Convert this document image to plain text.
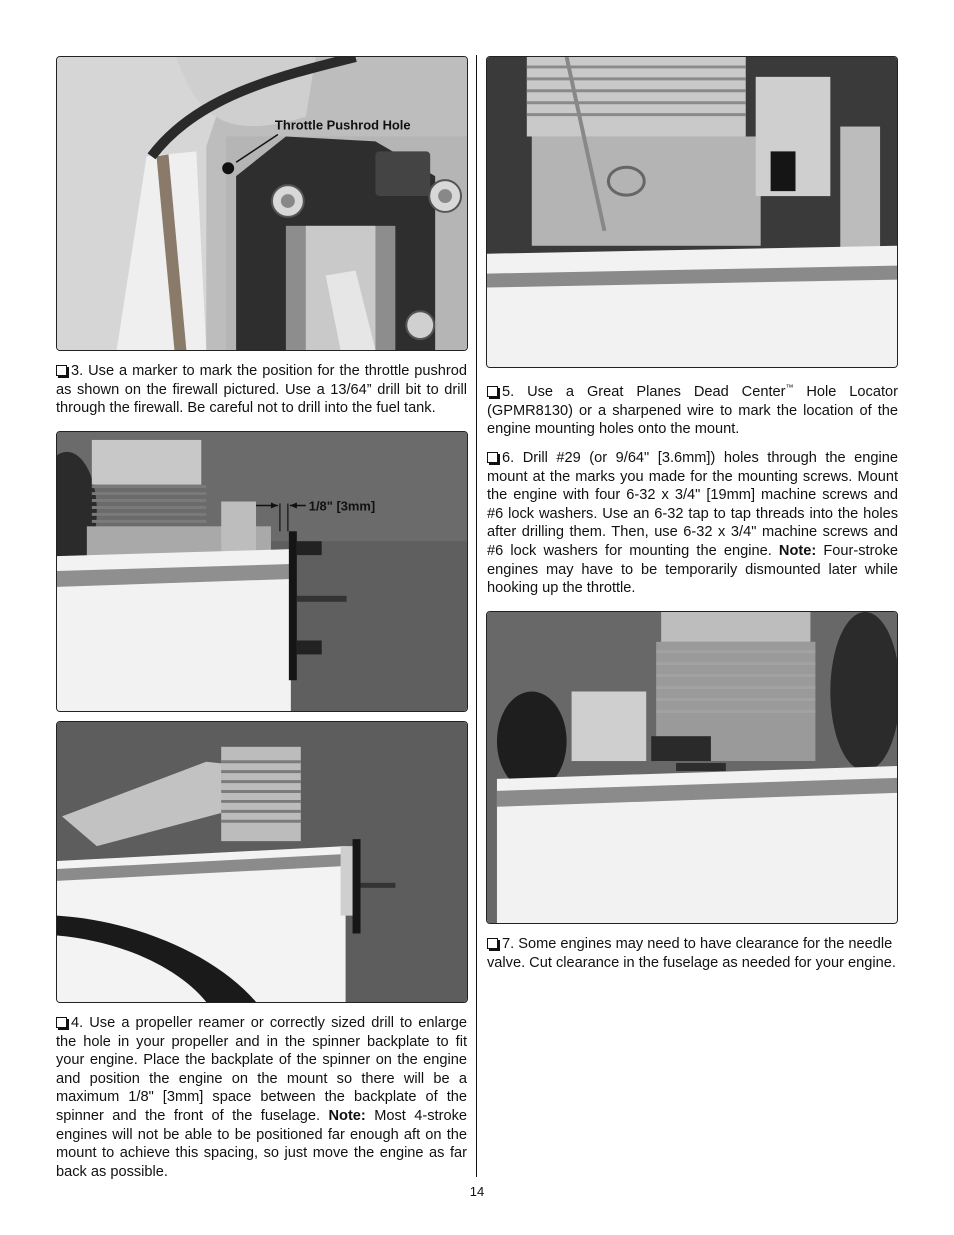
Throttle Pushrod Hole
1/8" [3mm]

3. Use a marker to mark the position for the throttle pushrod as shown on the firewall pictured. Use a 13/64” drill bit to drill through the firewall. Be careful not to drill into the fuel tank.

4. Use a propeller reamer or correctly sized drill to enlarge the hole in your propeller and in the spinner backplate to fit your engine. Place the backplate of the spinner on the engine and position the engine on the mount so there will be a maximum 1/8" [3mm] space between the backplate of the spinner and the front of the fuselage. Note: Most 4-stroke engines will not be able to be positioned far enough aft on the mount to achieve this spacing, so just move the engine as far back as possible.

5. Use a Great Planes Dead Center™ Hole Locator (GPMR8130) or a sharpened wire to mark the location of the engine mounting holes onto the mount.

6. Drill #29 (or 9/64" [3.6mm]) holes through the engine mount at the marks you made for the mounting screws. Mount the engine with four 6-32 x 3/4" [19mm] machine screws and #6 lock washers. Use an 6-32 tap to tap threads into the holes after drilling them. Then, use 6-32 x 3/4" machine screws and #6 lock washers for mounting the engine. Note: Four-stroke engines may have to be temporarily dismounted later while hooking up the throttle.

7. Some engines may need to have clearance for the needle valve. Cut clearance in the fuselage as needed for your engine.

14
